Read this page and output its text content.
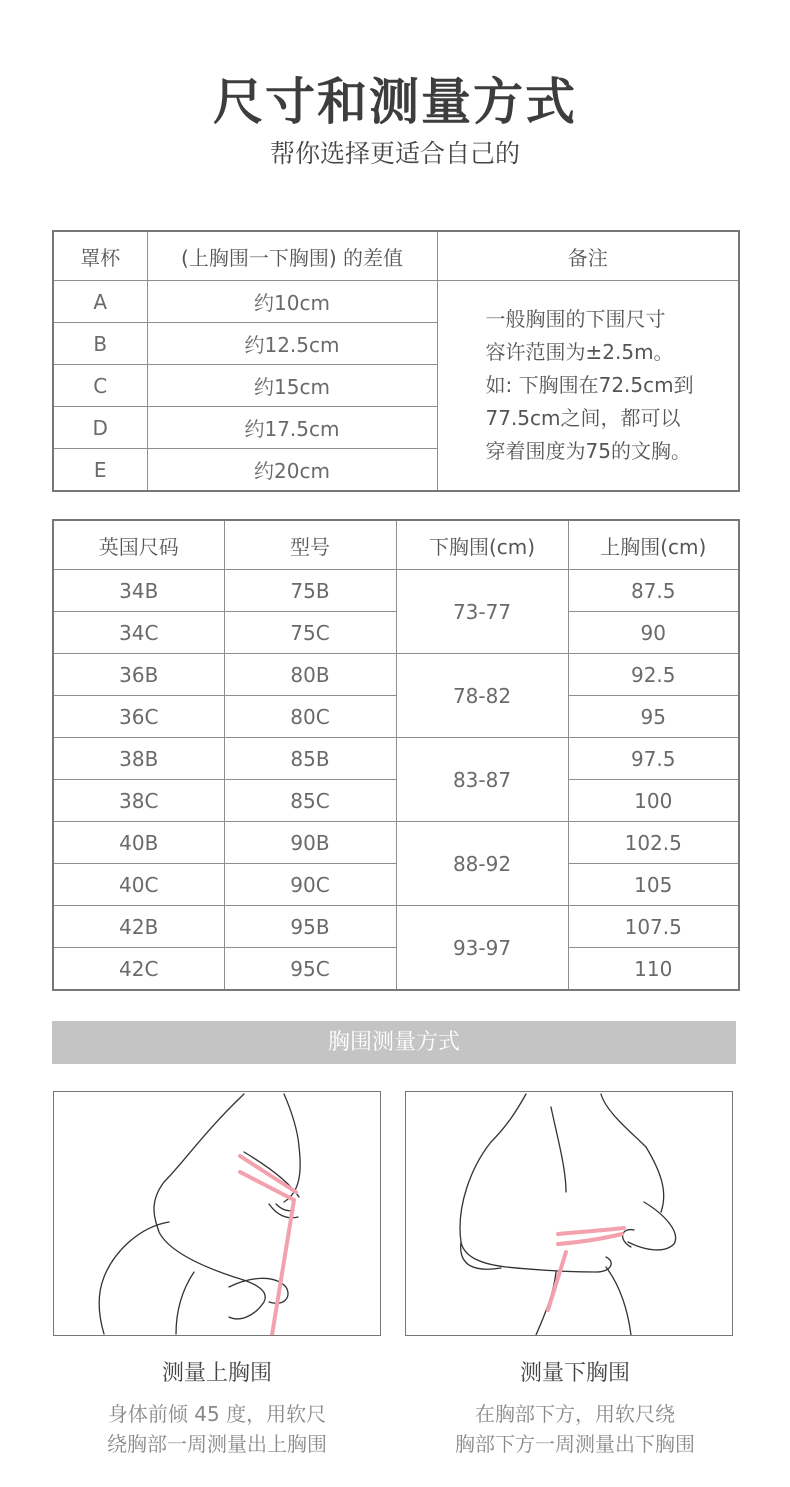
尺寸和测量方式
帮你选择更适合自己的
罩杯	(上胸围一下胸围) 的差值	备注
A	约10cm	一般胸围的下围尺寸
容许范围为±2.5m。
如: 下胸围在72.5cm到
77.5cm之间，都可以
穿着围度为75的文胸。

B	约12.5cm	
C	约15cm	
D	约17.5cm	
E	约20cm	
英国尺码	型号	下胸围(cm)	上胸围(cm)
34B	75B	73-77	87.5
34C	75C		90
36B	80B	78-82	92.5
36C	80C		95
38B	85B	83-87	97.5
38C	85C		100
40B	90B	88-92	102.5
40C	90C		105
42B	95B	93-97	107.5
42C	95C		110
胸围测量方式
测量上胸围
身体前倾 45 度，用软尺
绕胸部一周测量出上胸围
测量下胸围
在胸部下方，用软尺绕
胸部下方一周测量出下胸围
